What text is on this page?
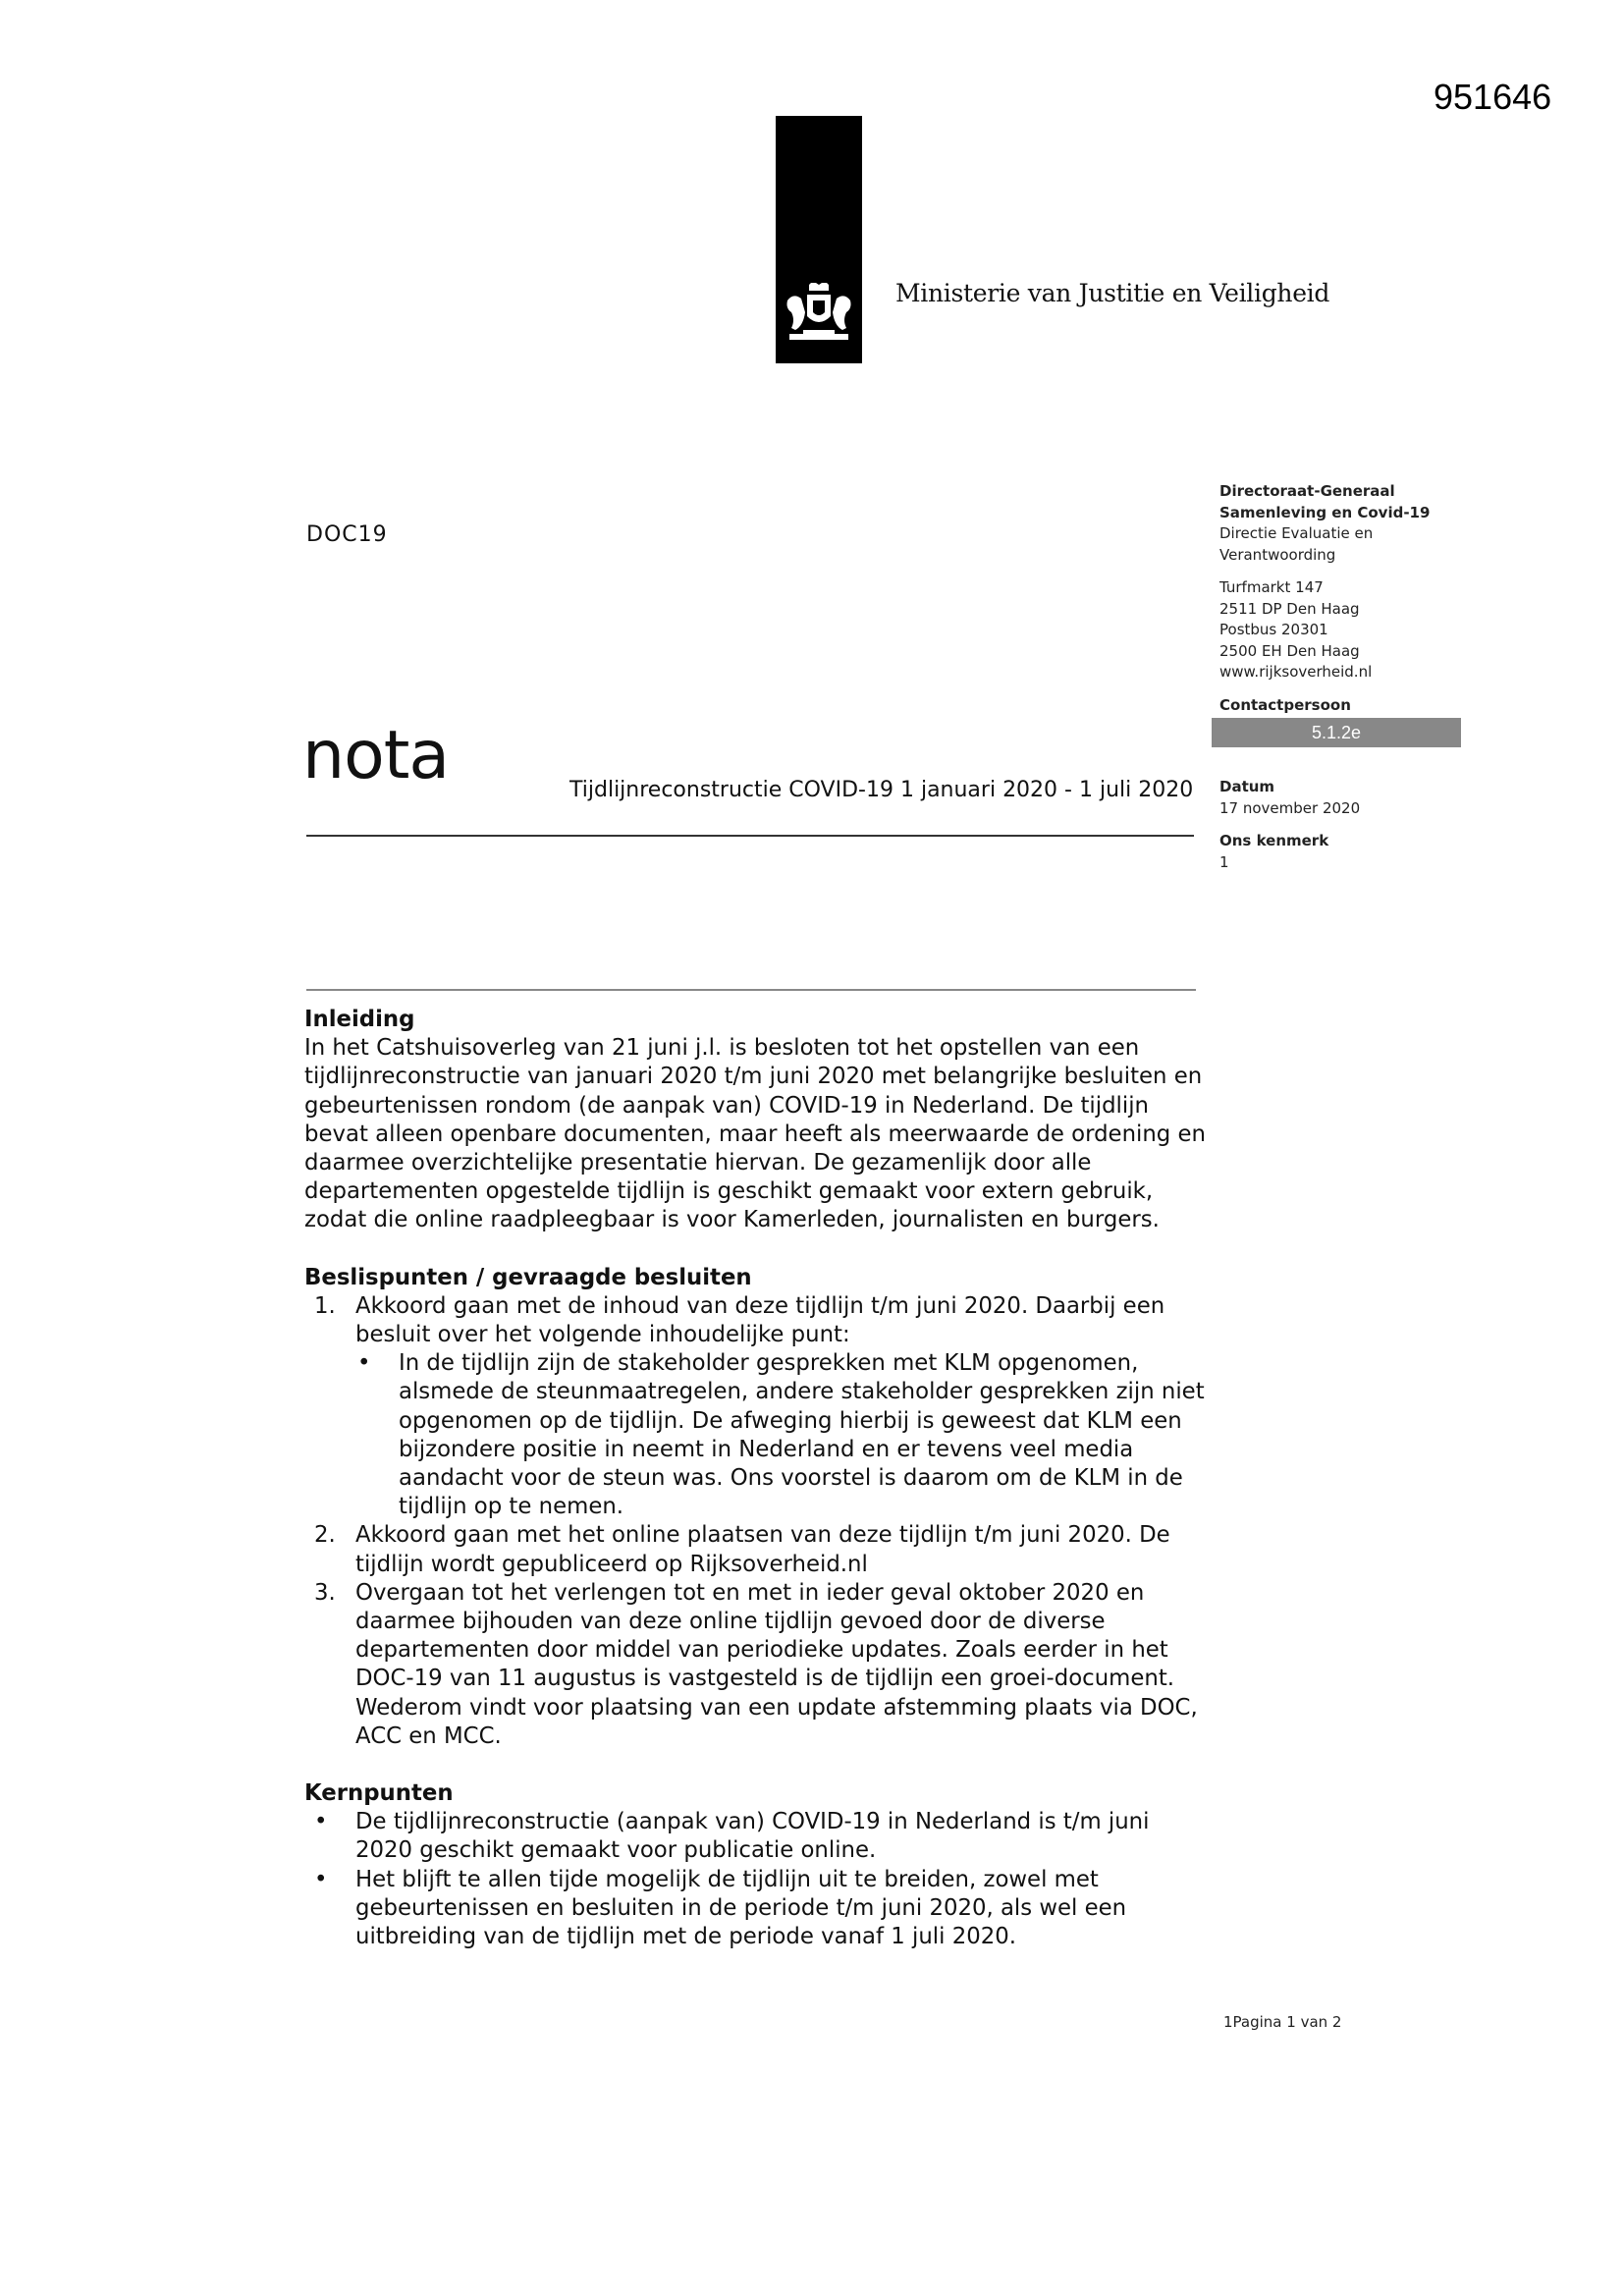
951646
Ministerie van Justitie en Veiligheid
DOC19
Directoraat-Generaal
Samenleving en Covid-19
Directie Evaluatie en
Verantwoording
Turfmarkt 147
2511 DP Den Haag
Postbus 20301
2500 EH Den Haag
www.rijksoverheid.nl
Contactpersoon
5.1.2e
Datum
17 november 2020
Ons kenmerk
1
nota	Tijdlijnreconstructie COVID-19 1 januari 2020 - 1 juli 2020
Inleiding

In het Catshuisoverleg van 21 juni j.l. is besloten tot het opstellen van een tijdlijnreconstructie van januari 2020 t/m juni 2020 met belangrijke besluiten en gebeurtenissen rondom (de aanpak van) COVID-19 in Nederland. De tijdlijn bevat alleen openbare documenten, maar heeft als meerwaarde de ordening en daarmee overzichtelijke presentatie hiervan. De gezamenlijk door alle departementen opgestelde tijdlijn is geschikt gemaakt voor extern gebruik, zodat die online raadpleegbaar is voor Kamerleden, journalisten en burgers.

Beslispunten / gevraagde besluiten
1. Akkoord gaan met de inhoud van deze tijdlijn t/m juni 2020. Daarbij een besluit over het volgende inhoudelijke punt:
• In de tijdlijn zijn de stakeholder gesprekken met KLM opgenomen, alsmede de steunmaatregelen, andere stakeholder gesprekken zijn niet opgenomen op de tijdlijn. De afweging hierbij is geweest dat KLM een bijzondere positie in neemt in Nederland en er tevens veel media aandacht voor de steun was. Ons voorstel is daarom om de KLM in de tijdlijn op te nemen.
2. Akkoord gaan met het online plaatsen van deze tijdlijn t/m juni 2020. De tijdlijn wordt gepubliceerd op Rijksoverheid.nl
3. Overgaan tot het verlengen tot en met in ieder geval oktober 2020 en daarmee bijhouden van deze online tijdlijn gevoed door de diverse departementen door middel van periodieke updates. Zoals eerder in het DOC-19 van 11 augustus is vastgesteld is de tijdlijn een groei-document. Wederom vindt voor plaatsing van een update afstemming plaats via DOC, ACC en MCC.
Kernpunten
• De tijdlijnreconstructie (aanpak van) COVID-19 in Nederland is t/m juni 2020 geschikt gemaakt voor publicatie online.
• Het blijft te allen tijde mogelijk de tijdlijn uit te breiden, zowel met gebeurtenissen en besluiten in de periode t/m juni 2020, als wel een uitbreiding van de tijdlijn met de periode vanaf 1 juli 2020.
1Pagina 1 van 2
